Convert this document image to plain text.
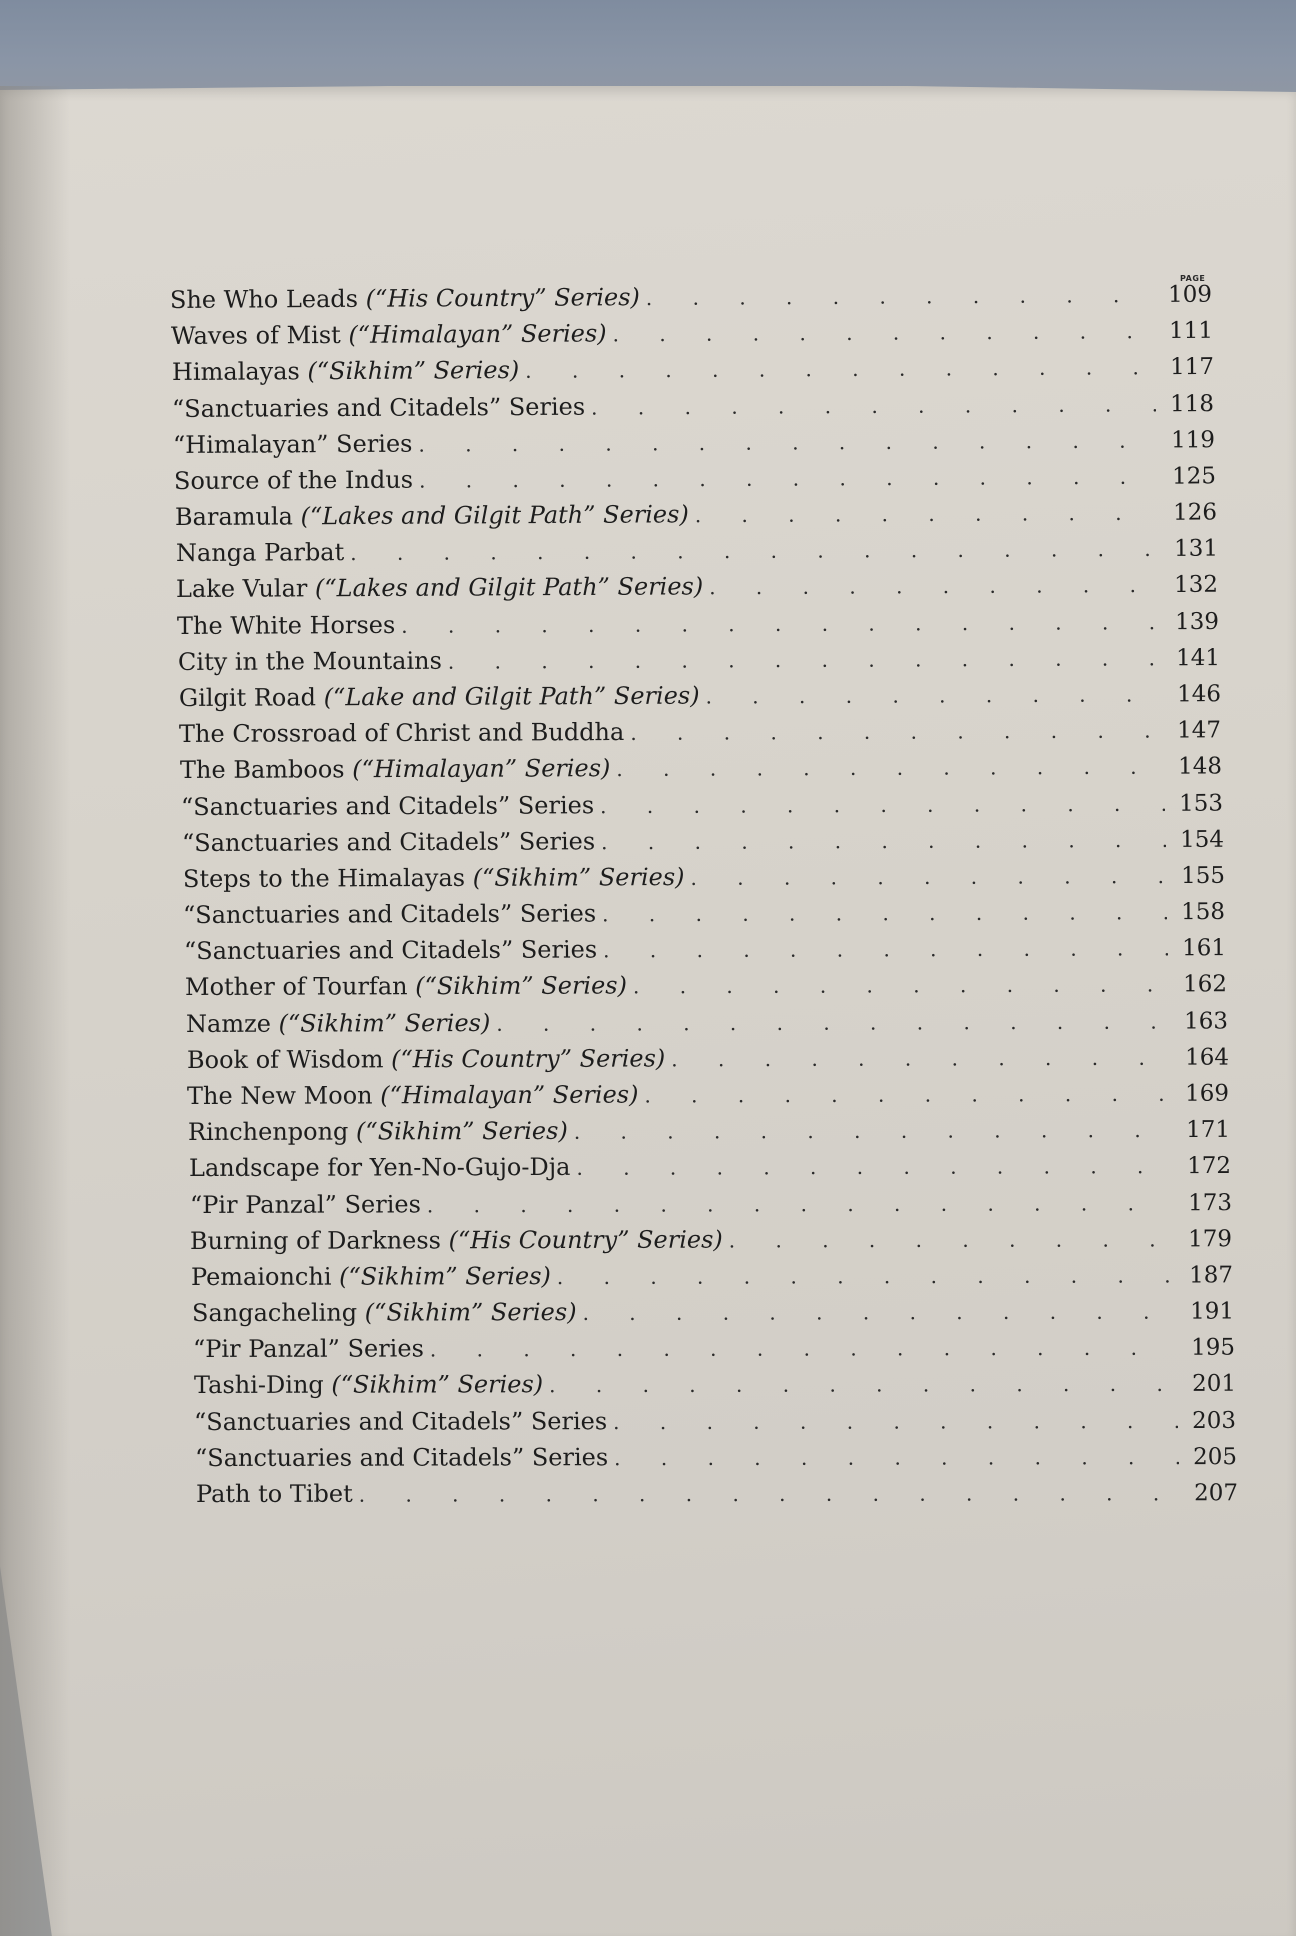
PAGE
She Who Leads (“His Country” Series) . . .	109
Waves of Mist (“Himalayan” Series) . . .	111
Himalayas (“Sikhim” Series) . . .	117
“Sanctuaries and Citadels” Series . . .	118
“Himalayan” Series . . .	119
Source of the Indus . . .	125
Baramula (“Lakes and Gilgit Path” Series) . . .	126
Nanga Parbat . . .	131
Lake Vular (“Lakes and Gilgit Path” Series) . . .	132
The White Horses . . .	139
City in the Mountains . . .	141
Gilgit Road (“Lake and Gilgit Path” Series) . . .	146
The Crossroad of Christ and Buddha . . .	147
The Bamboos (“Himalayan” Series) . . .	148
“Sanctuaries and Citadels” Series . . .	153
“Sanctuaries and Citadels” Series . . .	154
Steps to the Himalayas (“Sikhim” Series) . . .	155
“Sanctuaries and Citadels” Series . . .	158
“Sanctuaries and Citadels” Series . . .	161
Mother of Tourfan (“Sikhim” Series) . . .	162
Namze (“Sikhim” Series) . . .	163
Book of Wisdom (“His Country” Series) . . .	164
The New Moon (“Himalayan” Series) . . .	169
Rinchenpong (“Sikhim” Series) . . .	171
Landscape for Yen-No-Gujo-Dja . . .	172
“Pir Panzal” Series . . .	173
Burning of Darkness (“His Country” Series) . . .	179
Pemaionchi (“Sikhim” Series) . . .	187
Sangacheling (“Sikhim” Series) . . .	191
“Pir Panzal” Series . . .	195
Tashi-Ding (“Sikhim” Series) . . .	201
“Sanctuaries and Citadels” Series . . .	203
“Sanctuaries and Citadels” Series . . .	205
Path to Tibet . . .	207
